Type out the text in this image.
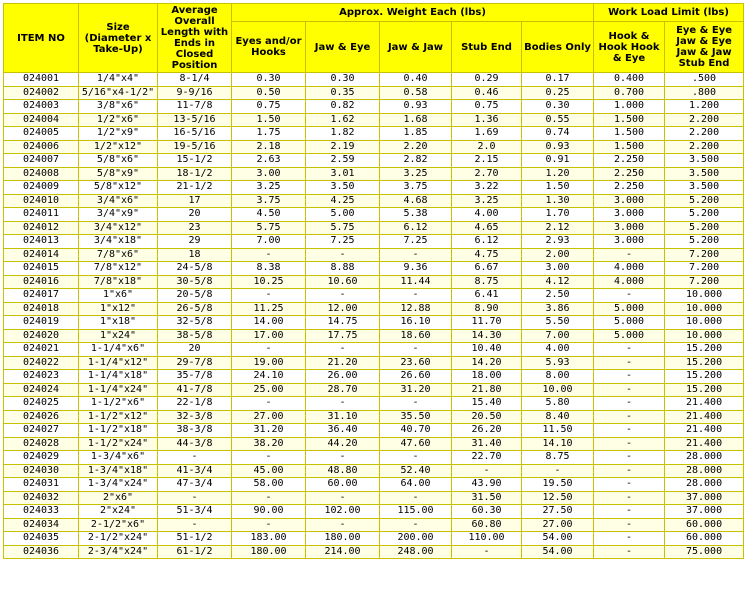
ITEM NO	Size (Diameter x Take-Up)	Average Overall Length with Ends in Closed Position	Approx. Weight Each (lbs)					Work Load Limit (lbs)	
			Eyes and/or Hooks	Jaw & Eye	Jaw & Jaw	Stub End	Bodies Only	Hook & Hook Hook & Eye	Eye & Eye Jaw & Eye Jaw & Jaw Stub End
024001	1/4"x4"	8-1/4	0.30	0.30	0.40	0.29	0.17	0.400	.500
024002	5/16"x4-1/2"	9-9/16	0.50	0.35	0.58	0.46	0.25	0.700	.800
024003	3/8"x6"	11-7/8	0.75	0.82	0.93	0.75	0.30	1.000	1.200
024004	1/2"x6"	13-5/16	1.50	1.62	1.68	1.36	0.55	1.500	2.200
024005	1/2"x9"	16-5/16	1.75	1.82	1.85	1.69	0.74	1.500	2.200
024006	1/2"x12"	19-5/16	2.18	2.19	2.20	2.0	0.93	1.500	2.200
024007	5/8"x6"	15-1/2	2.63	2.59	2.82	2.15	0.91	2.250	3.500
024008	5/8"x9"	18-1/2	3.00	3.01	3.25	2.70	1.20	2.250	3.500
024009	5/8"x12"	21-1/2	3.25	3.50	3.75	3.22	1.50	2.250	3.500
024010	3/4"x6"	17	3.75	4.25	4.68	3.25	1.30	3.000	5.200
024011	3/4"x9"	20	4.50	5.00	5.38	4.00	1.70	3.000	5.200
024012	3/4"x12"	23	5.75	5.75	6.12	4.65	2.12	3.000	5.200
024013	3/4"x18"	29	7.00	7.25	7.25	6.12	2.93	3.000	5.200
024014	7/8"x6"	18	-	-	-	4.75	2.00	-	7.200
024015	7/8"x12"	24-5/8	8.38	8.88	9.36	6.67	3.00	4.000	7.200
024016	7/8"x18"	30-5/8	10.25	10.60	11.44	8.75	4.12	4.000	7.200
024017	1"x6"	20-5/8	-	-	-	6.41	2.50	-	10.000
024018	1"x12"	26-5/8	11.25	12.00	12.88	8.90	3.86	5.000	10.000
024019	1"x18"	32-5/8	14.00	14.75	16.10	11.70	5.50	5.000	10.000
024020	1"x24"	38-5/8	17.00	17.75	18.60	14.30	7.00	5.000	10.000
024021	1-1/4"x6"	20	-	-	-	10.40	4.00	-	15.200
024022	1-1/4"x12"	29-7/8	19.00	21.20	23.60	14.20	5.93	-	15.200
024023	1-1/4"x18"	35-7/8	24.10	26.00	26.60	18.00	8.00	-	15.200
024024	1-1/4"x24"	41-7/8	25.00	28.70	31.20	21.80	10.00	-	15.200
024025	1-1/2"x6"	22-1/8	-	-	-	15.40	5.80	-	21.400
024026	1-1/2"x12"	32-3/8	27.00	31.10	35.50	20.50	8.40	-	21.400
024027	1-1/2"x18"	38-3/8	31.20	36.40	40.70	26.20	11.50	-	21.400
024028	1-1/2"x24"	44-3/8	38.20	44.20	47.60	31.40	14.10	-	21.400
024029	1-3/4"x6"	-	-	-	-	22.70	8.75	-	28.000
024030	1-3/4"x18"	41-3/4	45.00	48.80	52.40	-	-	-	28.000
024031	1-3/4"x24"	47-3/4	58.00	60.00	64.00	43.90	19.50	-	28.000
024032	2"x6"	-	-	-	-	31.50	12.50	-	37.000
024033	2"x24"	51-3/4	90.00	102.00	115.00	60.30	27.50	-	37.000
024034	2-1/2"x6"	-	-	-	-	60.80	27.00	-	60.000
024035	2-1/2"x24"	51-1/2	183.00	180.00	200.00	110.00	54.00	-	60.000
024036	2-3/4"x24"	61-1/2	180.00	214.00	248.00	-	54.00	-	75.000
